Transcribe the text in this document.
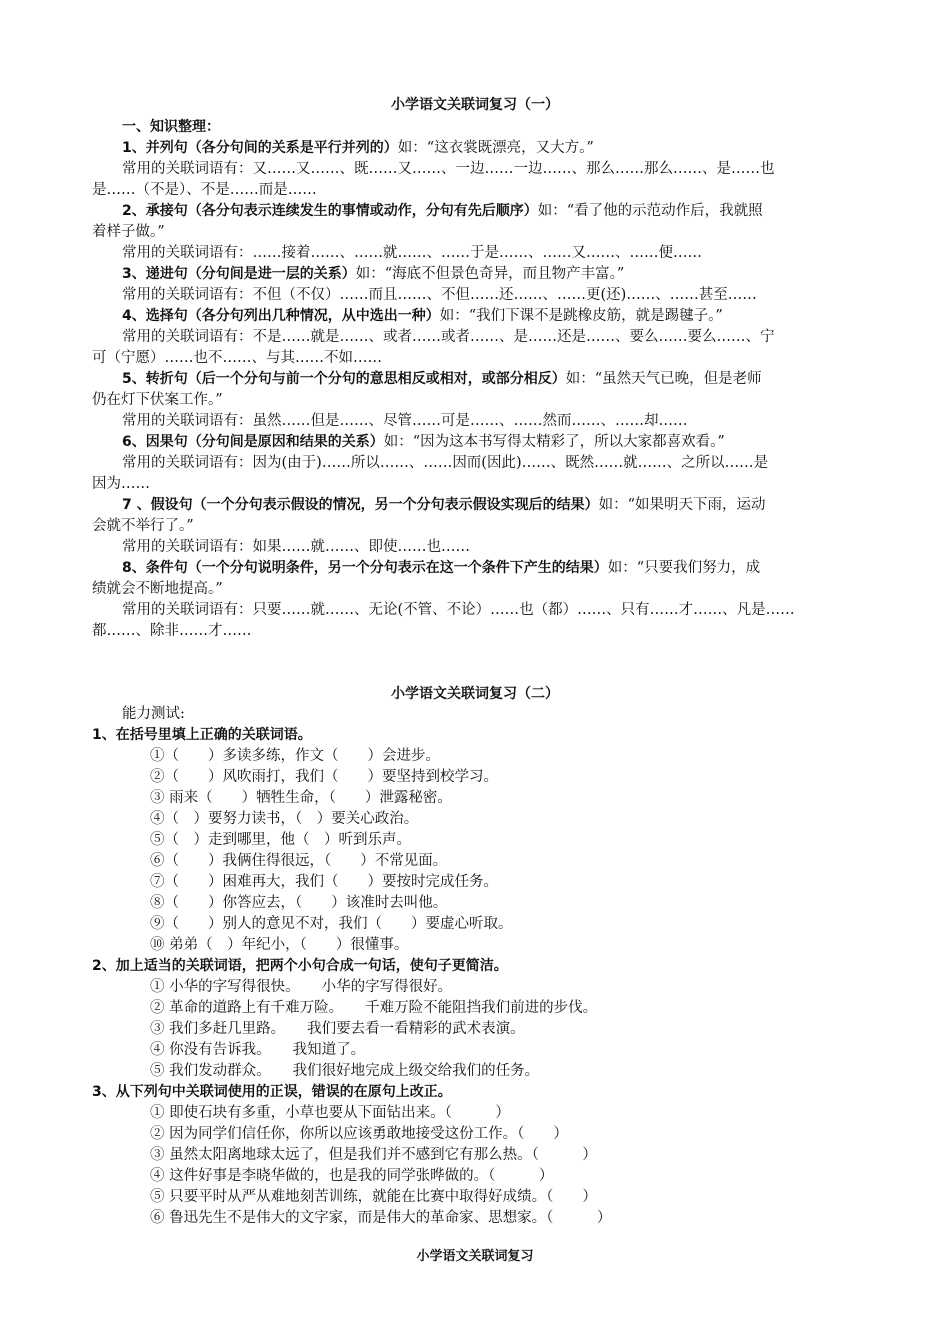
小学语文关联词复习（一）

一、知识整理：

1、并列句（各分句间的关系是平行并列的）如：“这衣裳既漂亮，又大方。”

常用的关联词语有：又……又……、既……又……、一边……一边……、那么……那么……、是……也

是……（不是）、不是……而是……

2、承接句（各分句表示连续发生的事情或动作，分句有先后顺序）如：“看了他的示范动作后，我就照

着样子做。”

常用的关联词语有：……接着……、……就……、……于是……、……又……、……便……

3、递进句（分句间是进一层的关系）如：“海底不但景色奇异，而且物产丰富。”

常用的关联词语有：不但（不仅）……而且……、不但……还……、……更(还)……、……甚至……

4、选择句（各分句列出几种情况，从中选出一种）如：“我们下课不是跳橡皮筋，就是踢毽子。”

常用的关联词语有：不是……就是……、或者……或者……、是……还是……、要么……要么……、宁

可（宁愿）……也不……、与其……不如……

5、转折句（后一个分句与前一个分句的意思相反或相对，或部分相反）如：“虽然天气已晚，但是老师

仍在灯下伏案工作。”

常用的关联词语有：虽然……但是……、尽管……可是……、……然而……、……却……

6、因果句（分句间是原因和结果的关系）如：“因为这本书写得太精彩了，所以大家都喜欢看。”

常用的关联词语有：因为(由于)……所以……、……因而(因此)……、既然……就……、之所以……是

因为……

7 、假设句（一个分句表示假设的情况，另一个分句表示假设实现后的结果）如：“如果明天下雨，运动

会就不举行了。”

常用的关联词语有：如果……就……、即使……也……

8、条件句（一个分句说明条件，另一个分句表示在这一个条件下产生的结果）如：“只要我们努力，成

绩就会不断地提高。”

常用的关联词语有：只要……就……、无论(不管、不论）……也（都）……、只有……才……、凡是……

都……、除非……才……

小学语文关联词复习（二）

能力测试:

1、在括号里填上正确的关联词语。

①（　　）多读多练，作文（　　）会进步。

②（　　）风吹雨打，我们（　　）要坚持到校学习。

③ 雨来（　　）牺牲生命，（　　）泄露秘密。

④（　）要努力读书，（　）要关心政治。

⑤（　）走到哪里，他（　）听到乐声。

⑥（　　）我俩住得很远，（　　）不常见面。

⑦（　　）困难再大，我们（　　）要按时完成任务。

⑧（　　）你答应去，（　　）该准时去叫他。

⑨（　　）别人的意见不对，我们（　　）要虚心听取。

⑩ 弟弟（　）年纪小，（　　）很懂事。

2、加上适当的关联词语，把两个小句合成一句话，使句子更简洁。

① 小华的字写得很快。 小华的字写得很好。

② 革命的道路上有千难万险。 千难万险不能阻挡我们前进的步伐。

③ 我们多赶几里路。 我们要去看一看精彩的武术表演。

④ 你没有告诉我。 我知道了。

⑤ 我们发动群众。 我们很好地完成上级交给我们的任务。

3、从下列句中关联词使用的正误，错误的在原句上改正。

① 即使石块有多重，小草也要从下面钻出来。（　　　）

② 因为同学们信任你，你所以应该勇敢地接受这份工作。（　　）

③ 虽然太阳离地球太远了，但是我们并不感到它有那么热。（　　　）

④ 这件好事是李晓华做的，也是我的同学张晔做的。（　　　）

⑤ 只要平时从严从难地刻苦训练，就能在比赛中取得好成绩。（　　）

⑥ 鲁迅先生不是伟大的文字家，而是伟大的革命家、思想家。（　　　）

小学语文关联词复习
